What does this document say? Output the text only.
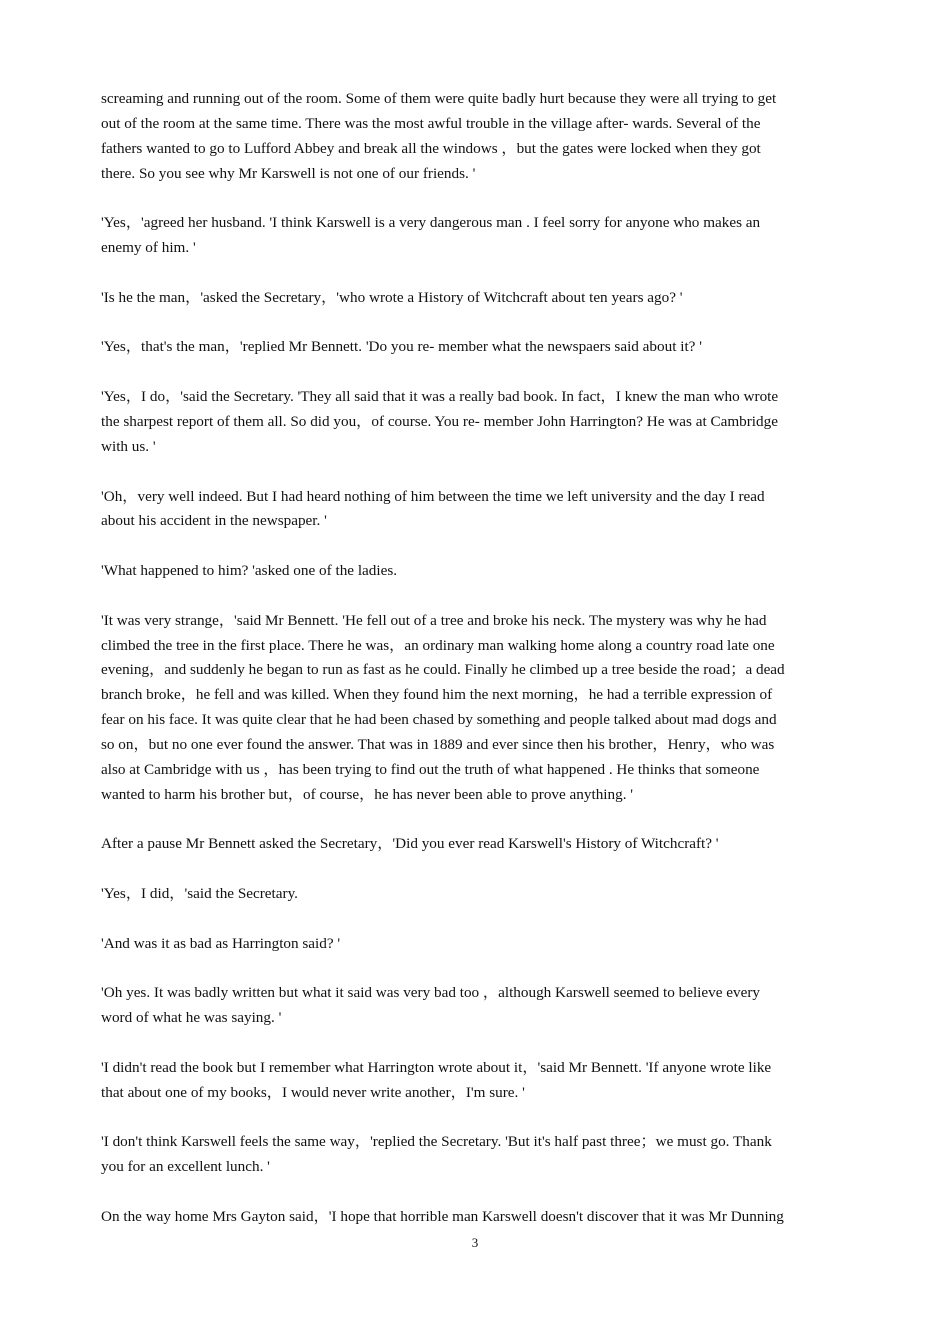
screaming and running out of the room. Some of them were quite badly hurt because they were all trying to get
out of the room at the same time. There was the most awful trouble in the village after- wards. Several of the
fathers wanted to go to Lufford Abbey and break all the windows ，but the gates were locked when they got
there. So you see why Mr Karswell is not one of our friends. '

'Yes，'agreed her husband. 'I think Karswell is a very dangerous man . I feel sorry for anyone who makes an
enemy of him. '

'Is he the man，'asked the Secretary，'who wrote a History of Witchcraft about ten years ago? '

'Yes，that's the man，'replied Mr Bennett. 'Do you re- member what the newspaers said about it? '

'Yes，I do，'said the Secretary. 'They all said that it was a really bad book. In fact，I knew the man who wrote
the sharpest report of them all. So did you，of course. You re- member John Harrington? He was at Cambridge
with us. '

'Oh，very well indeed. But I had heard nothing of him between the time we left university and the day I read
about his accident in the newspaper. '

'What happened to him? 'asked one of the ladies.

'It was very strange，'said Mr Bennett. 'He fell out of a tree and broke his neck. The mystery was why he had
climbed the tree in the first place. There he was，an ordinary man walking home along a country road late one
evening，and suddenly he began to run as fast as he could. Finally he climbed up a tree beside the road；a dead
branch broke，he fell and was killed. When they found him the next morning，he had a terrible expression of
fear on his face. It was quite clear that he had been chased by something and people talked about mad dogs and
so on，but no one ever found the answer. That was in 1889 and ever since then his brother，Henry，who was
also at Cambridge with us ，has been trying to find out the truth of what happened . He thinks that someone
wanted to harm his brother but，of course，he has never been able to prove anything. '

After a pause Mr Bennett asked the Secretary，'Did you ever read Karswell's History of Witchcraft? '

'Yes，I did，'said the Secretary.

'And was it as bad as Harrington said? '

'Oh yes. It was badly written but what it said was very bad too ，although Karswell seemed to believe every
word of what he was saying. '

'I didn't read the book but I remember what Harrington wrote about it，'said Mr Bennett. 'If anyone wrote like
that about one of my books，I would never write another，I'm sure. '

'I don't think Karswell feels the same way，'replied the Secretary. 'But it's half past three；we must go. Thank
you for an excellent lunch. '

On the way home Mrs Gayton said，'I hope that horrible man Karswell doesn't discover that it was Mr Dunning

3
